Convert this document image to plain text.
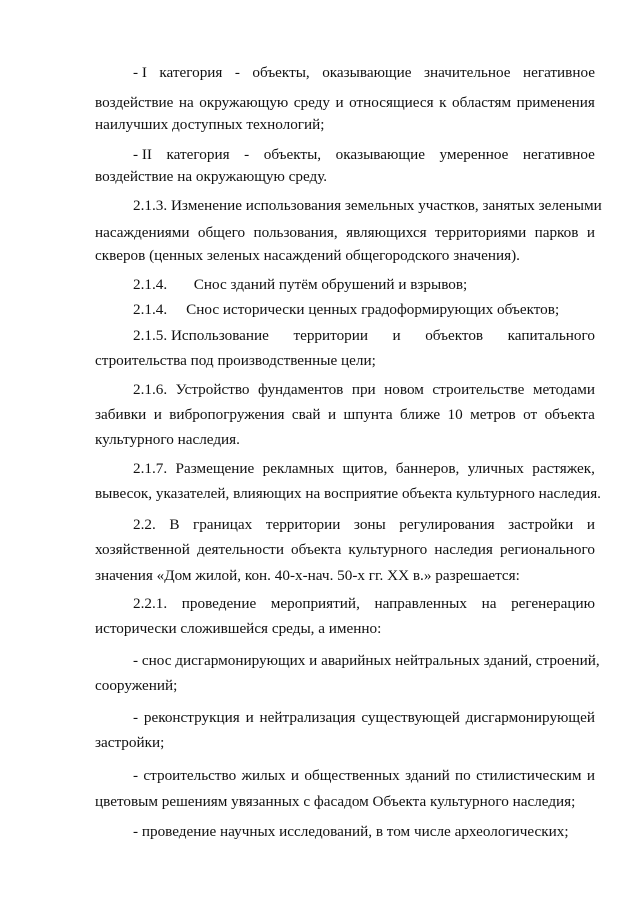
- I категория - объекты, оказывающие значительное негативное
воздействие на окружающую среду и относящиеся к областям применения
наилучших доступных технологий;
- II категория - объекты, оказывающие умеренное негативное
воздействие на окружающую среду.
2.1.3. Изменение использования земельных участков, занятых зелеными
насаждениями общего пользования, являющихся территориями парков и
скверов (ценных зеленых насаждений общегородского значения).
2.1.4.       Снос зданий путём обрушений и взрывов;
2.1.4.     Снос исторически ценных градоформирующих объектов;
2.1.5. Использование территории и объектов капитального
строительства под производственные цели;
2.1.6. Устройство фундаментов при новом строительстве методами
забивки и вибропогружения свай и шпунта ближе 10 метров от объекта
культурного наследия.
2.1.7. Размещение рекламных щитов, баннеров, уличных растяжек,
вывесок, указателей, влияющих на восприятие объекта культурного наследия.
2.2. В границах территории зоны регулирования застройки и
хозяйственной деятельности объекта культурного наследия регионального
значения «Дом жилой, кон. 40-х-нач. 50-х гг. XX в.» разрешается:
2.2.1. проведение мероприятий, направленных на регенерацию
исторически сложившейся среды, а именно:
- снос дисгармонирующих и аварийных нейтральных зданий, строений,
сооружений;
- реконструкция и нейтрализация существующей дисгармонирующей
застройки;
- строительство жилых и общественных зданий по стилистическим и
цветовым решениям увязанных с фасадом Объекта культурного наследия;
- проведение научных исследований, в том числе археологических;
